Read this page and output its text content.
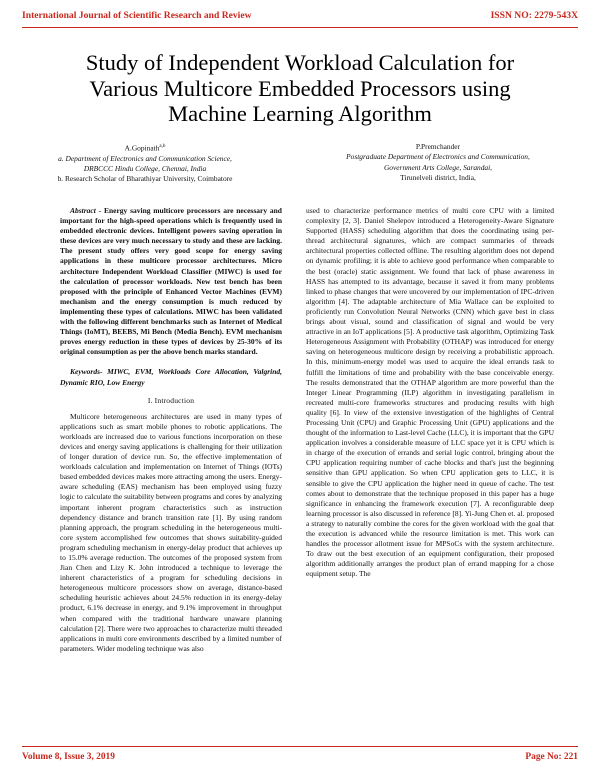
International Journal of Scientific Research and Review	ISSN NO: 2279-543X
Study of Independent Workload Calculation for
Various Multicore Embedded Processors using
Machine Learning Algorithm
A.Gopinath$^{a,b}$
a. Department of Electronics and Communication Science,
DRBCCC Hindu College, Chennai, India
b. Research Scholar of Bharathiyar University, Coimbatore
P.Premchander
Postgraduate Department of Electronics and Communication,
Government Arts College, Sarandai,
Tirunelveli district, India,

Abstract - Energy saving multicore processors are necessary and important for the high-speed operations which is frequently used in embedded electronic devices. Intelligent powers saving operation in these devices are very much necessary to study and these are lacking. The present study offers very good scope for energy saving applications in these multicore processor architectures. Micro architecture Independent Workload Classifier (MIWC) is used for the calculation of processor workloads. New test bench has been proposed with the principle of Enhanced Vector Machines (EVM) mechanism and the energy consumption is much reduced by implementing these types of calculations. MIWC has been validated with the following different benchmarks such as Internet of Medical Things (IoMT), BEEBS, Mi Bench (Media Bench). EVM mechanism proves energy reduction in these types of devices by 25-30% of its original consumption as per the above bench marks standard.

Keywords- MIWC, EVM, Workloads Core Allocation, Valgrind, Dynamic RIO, Low Energy

I. Introduction

Multicore heterogeneous architectures are used in many types of applications such as smart mobile phones to robotic applications. The workloads are increased due to various functions incorporation on these devices and energy saving applications is challenging for their utilization of longer duration of device run. So, the effective implementation of workloads calculation and implementation on Internet of Things (IOTs) based embedded devices makes more attracting among the users. Energy-aware scheduling (EAS) mechanism has been employed using fuzzy logic to calculate the suitability between programs and cores by analyzing important inherent program characteristics such as instruction dependency distance and branch transition rate [1]. By using random planning approach, the program scheduling in the heterogeneous multi-core system accomplished few outcomes that shows suitability-guided program scheduling mechanism in energy-delay product that achieves up to 15.0% average reduction. The outcomes of the proposed system from Jian Chen and Lizy K. John introduced a technique to leverage the inherent characteristics of a program for scheduling decisions in heterogeneous multicore processors show on average, distance-based scheduling heuristic achieves about 24.5% reduction in its energy-delay product, 6.1% decrease in energy, and 9.1% improvement in throughput when compared with the traditional hardware unaware planning calculation [2]. There were two approaches to characterize multi threaded applications in multi core environments described by a limited number of parameters. Wider modeling technique was also

used to characterize performance metrics of multi core CPU with a limited complexity [2, 3]. Daniel Shelepov introduced a Heterogeneity-Aware Signature Supported (HASS) scheduling algorithm that does the coordinating using per-thread architectural signatures, which are compact summaries of threads architectural properties collected offline. The resulting algorithm does not depend on dynamic profiling; it is able to achieve good performance when comparable to the best (oracle) static assignment. We found that lack of phase awareness in HASS has attempted to its advantage, because it saved it from many problems linked to phase changes that were uncovered by our implementation of IPC-driven algorithm [4]. The adaptable architecture of Mia Wallace can be exploited to proficiently run Convolution Neural Networks (CNN) which gave best in class brings about visual, sound and classification of signal and would be very attractive in an IoT applications [5]. A productive task algorithm, Optimizing Task Heterogeneous Assignment with Probability (OTHAP) was introduced for energy saving on heterogeneous multicore design by receiving a probabilistic approach. In this, minimum-energy model was used to acquire the ideal errands task to fulfill the limitations of time and probability with the base conceivable energy. The results demonstrated that the OTHAP algorithm are more powerful than the Integer Linear Programming (ILP) algorithm in investigating parallelism in recreated multi-core frameworks structures and producing results with high quality [6]. In view of the extensive investigation of the highlights of Central Processing Unit (CPU) and Graphic Processing Unit (GPU) applications and the thought of the information to Last-level Cache (LLC), it is important that the GPU application involves a considerable measure of LLC space yet it is CPU which is in charge of the execution of errands and serial logic control, bringing about the CPU application requiring number of cache blocks and that's just the beginning sensitive than GPU application. So when CPU application gets to LLC, it is sensible to give the CPU application the higher need in queue of cache. The test comes about to demonstrate that the technique proposed in this paper has a huge significance in enhancing the framework execution [7]. A reconfigurable deep learning processor is also discussed in reference [8]. Yi-Jung Chen et. al. proposed a strategy to naturally combine the cores for the given workload with the goal that the execution is advanced while the resource limitation is met. This work can handles the processor allotment issue for MPSoCs with the system architecture. To draw out the best execution of an equipment configuration, their proposed algorithm additionally arranges the product plan of errand mapping for a chose equipment setup. The

Volume 8, Issue 3, 2019	Page No: 221
